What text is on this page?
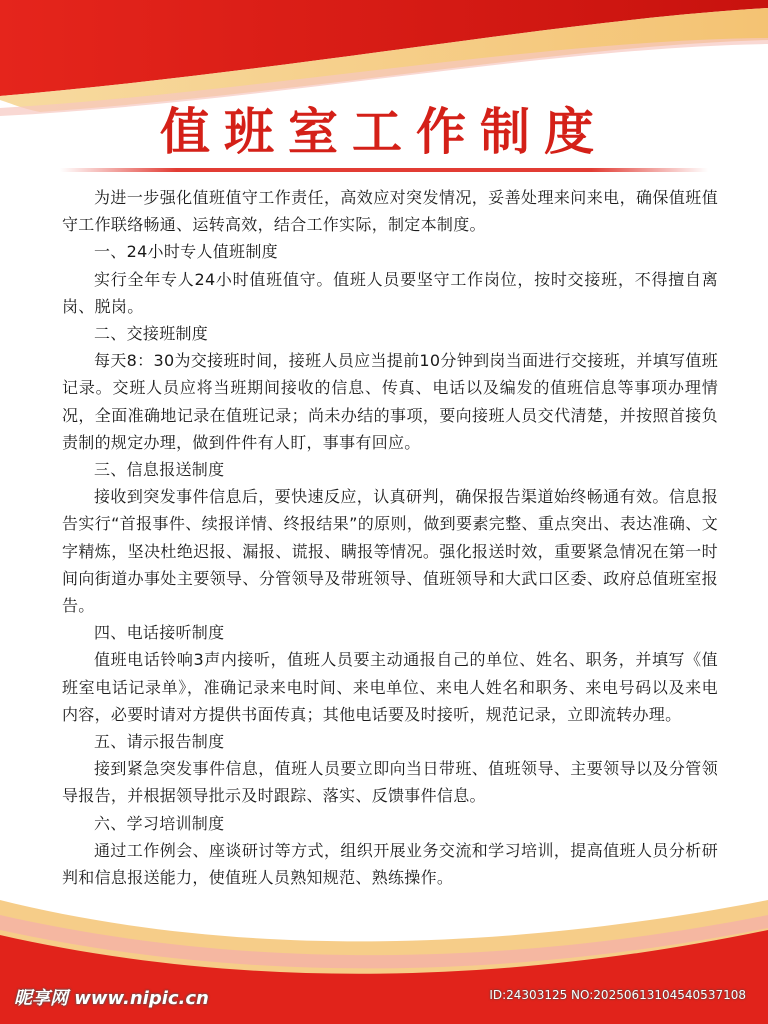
值班室工作制度

为进一步强化值班值守工作责任，高效应对突发情况，妥善处理来问来电，确保值班值守工作联络畅通、运转高效，结合工作实际，制定本制度。

一、24小时专人值班制度

实行全年专人24小时值班值守。值班人员要坚守工作岗位，按时交接班，不得擅自离岗、脱岗。

二、交接班制度

每天8：30为交接班时间，接班人员应当提前10分钟到岗当面进行交接班，并填写值班记录。交班人员应将当班期间接收的信息、传真、电话以及编发的值班信息等事项办理情况，全面准确地记录在值班记录；尚未办结的事项，要向接班人员交代清楚，并按照首接负责制的规定办理，做到件件有人盯，事事有回应。

三、信息报送制度

接收到突发事件信息后，要快速反应，认真研判，确保报告渠道始终畅通有效。信息报告实行“首报事件、续报详情、终报结果”的原则，做到要素完整、重点突出、表达准确、文字精炼，坚决杜绝迟报、漏报、谎报、瞒报等情况。强化报送时效，重要紧急情况在第一时间向街道办事处主要领导、分管领导及带班领导、值班领导和大武口区委、政府总值班室报告。

四、电话接听制度

值班电话铃响3声内接听，值班人员要主动通报自己的单位、姓名、职务，并填写《值班室电话记录单》，准确记录来电时间、来电单位、来电人姓名和职务、来电号码以及来电内容，必要时请对方提供书面传真；其他电话要及时接听，规范记录，立即流转办理。

五、请示报告制度

接到紧急突发事件信息，值班人员要立即向当日带班、值班领导、主要领导以及分管领导报告，并根据领导批示及时跟踪、落实、反馈事件信息。

六、学习培训制度

通过工作例会、座谈研讨等方式，组织开展业务交流和学习培训，提高值班人员分析研判和信息报送能力，使值班人员熟知规范、熟练操作。

昵享网 www.nipic.cn	ID:24303125 NO:20250613104540537108
